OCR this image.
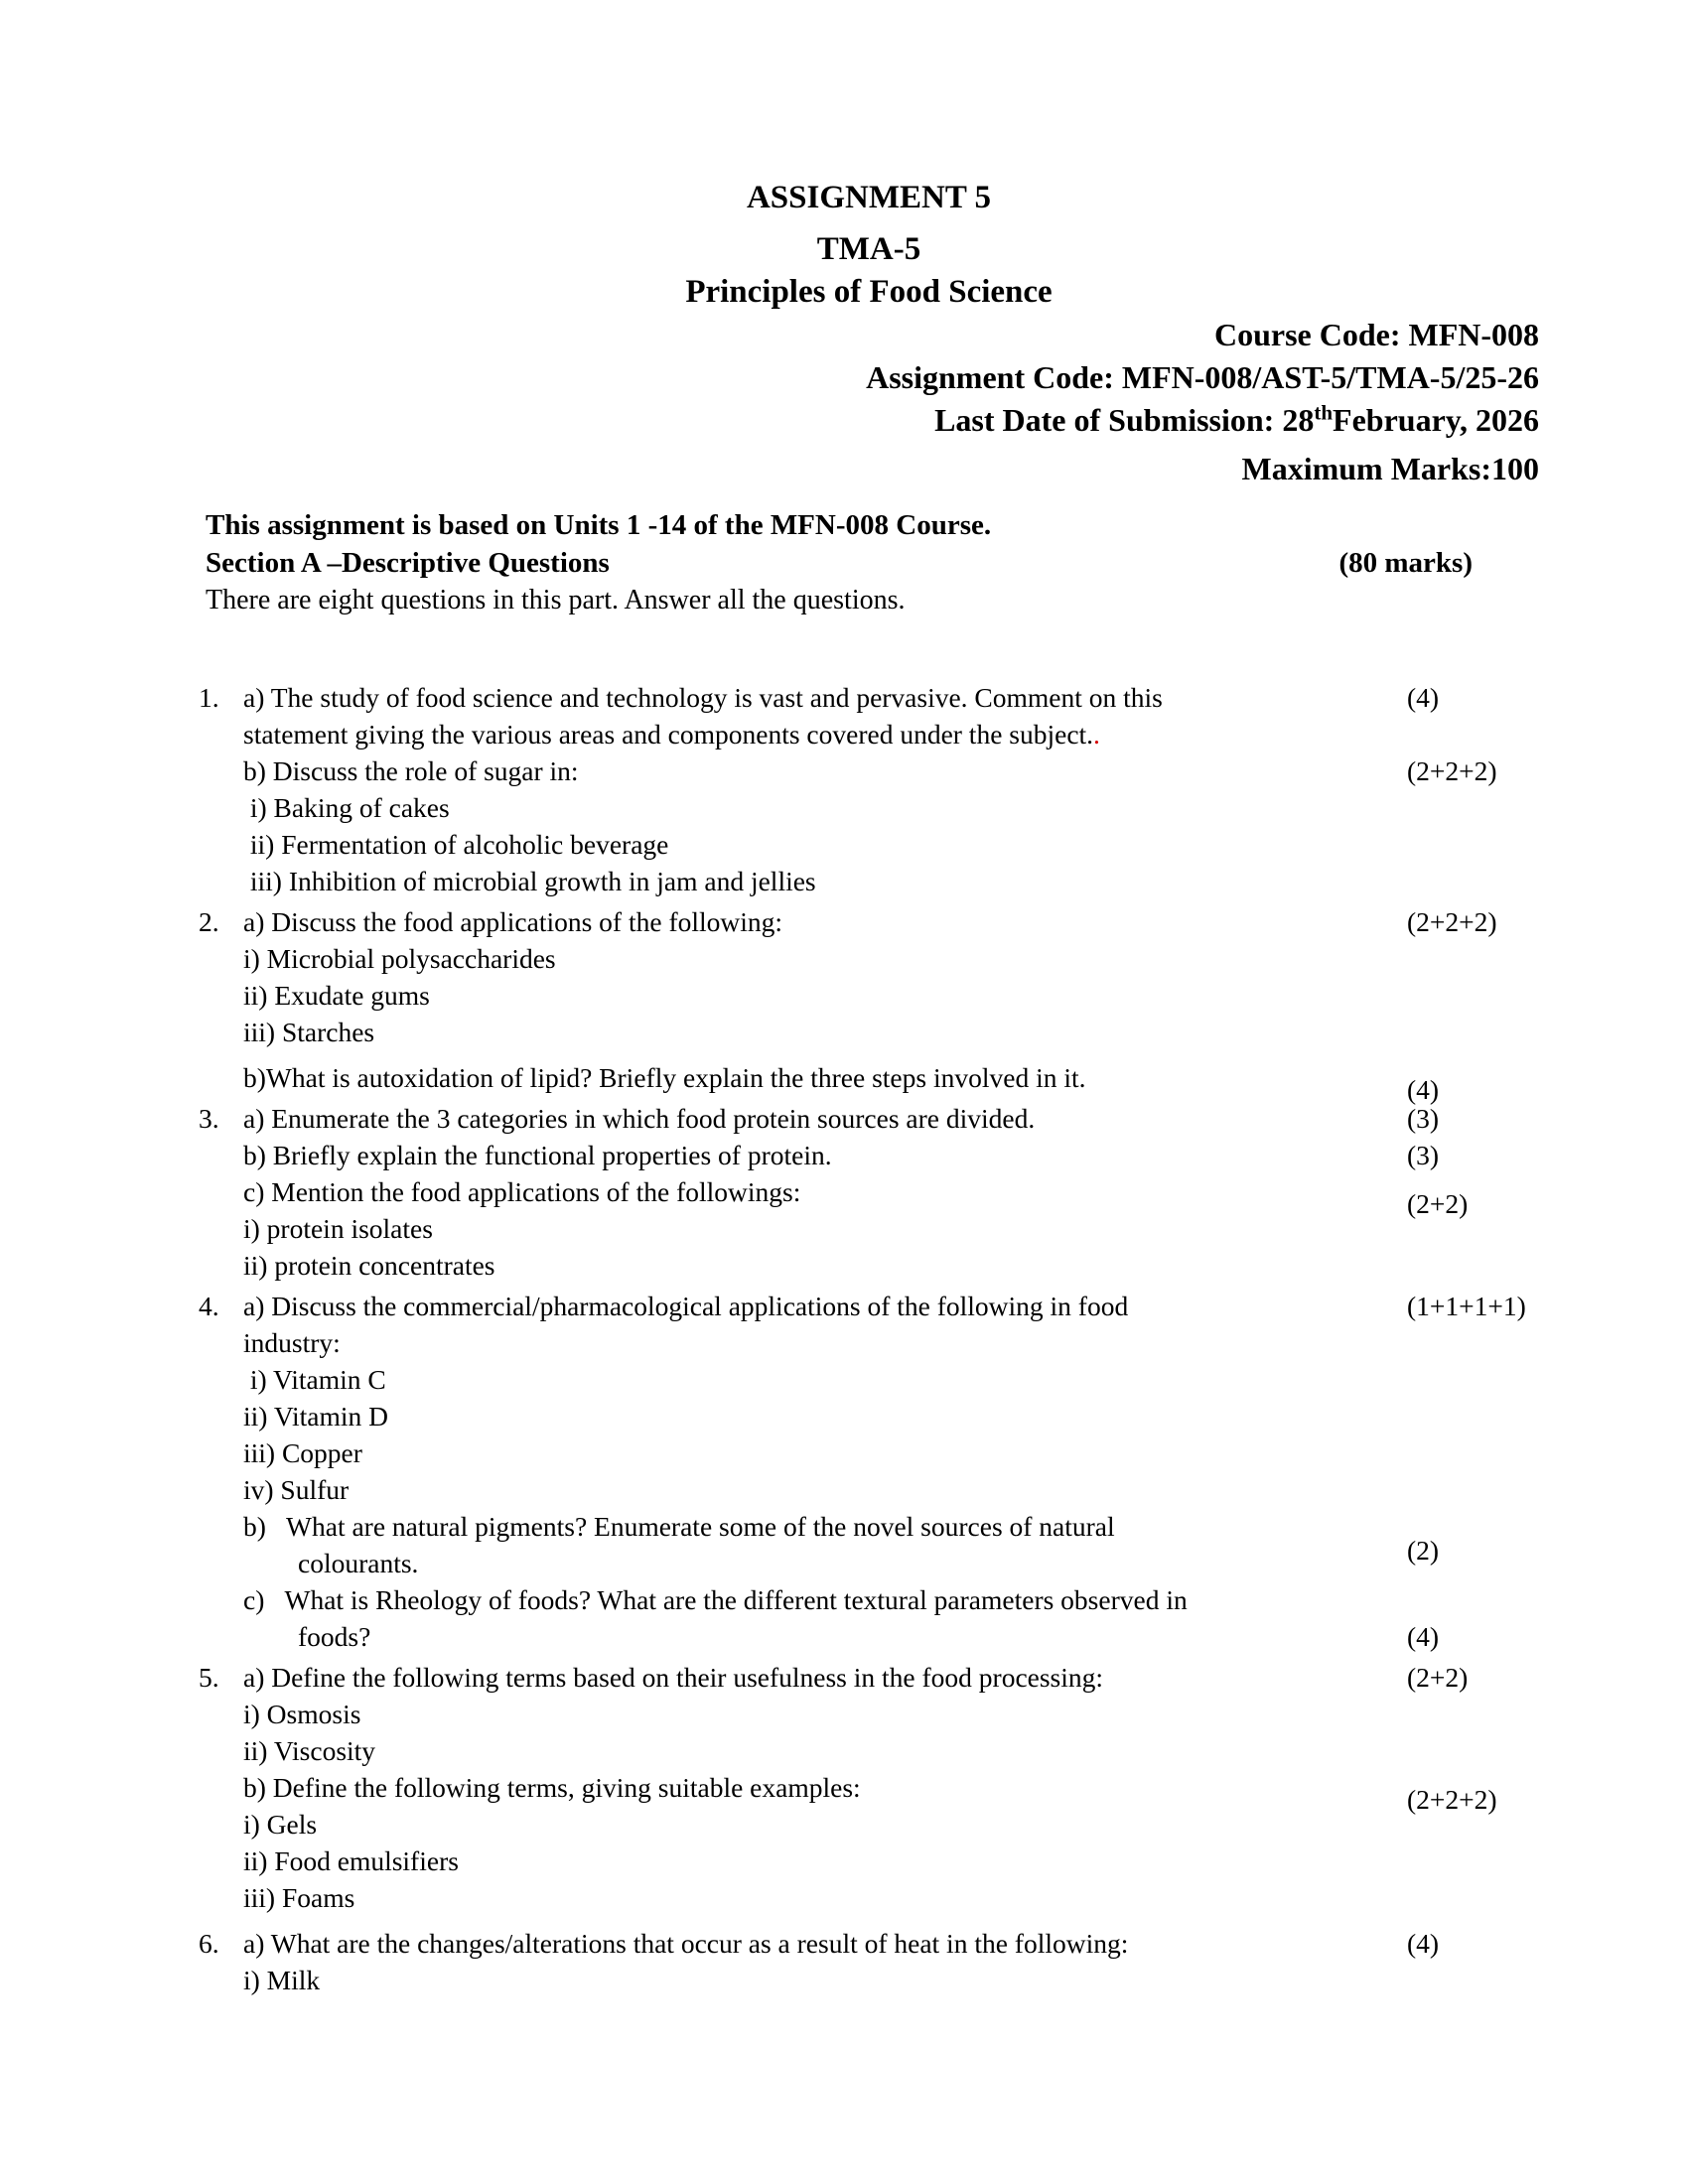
ASSIGNMENT 5
TMA-5
Principles of Food Science
Course Code: MFN-008
Assignment Code: MFN-008/AST-5/TMA-5/25-26
Last Date of Submission: 28thFebruary, 2026
Maximum Marks:100
This assignment is based on Units 1 -14 of the MFN-008 Course.
Section A –Descriptive Questions	(80 marks)
There are eight questions in this part. Answer all the questions.
1. a) The study of food science and technology is vast and pervasive. Comment on this	(4)
statement giving the various areas and components covered under the subject..
b) Discuss the role of sugar in:	(2+2+2)
i) Baking of cakes
ii) Fermentation of alcoholic beverage
iii) Inhibition of microbial growth in jam and jellies
2. a) Discuss the food applications of the following:	(2+2+2)
i) Microbial polysaccharides
ii) Exudate gums
iii) Starches
b)What is autoxidation of lipid? Briefly explain the three steps involved in it.	(4)
3. a) Enumerate the 3 categories in which food protein sources are divided.	(3)
b) Briefly explain the functional properties of protein.	(3)
c) Mention the food applications of the followings:	(2+2)
i) protein isolates
ii) protein concentrates
4. a) Discuss the commercial/pharmacological applications of the following in food	(1+1+1+1)
industry:
i) Vitamin C
ii) Vitamin D
iii) Copper
iv) Sulfur
b)   What are natural pigments? Enumerate some of the novel sources of natural
colourants.	(2)
c)   What is Rheology of foods? What are the different textural parameters observed in
foods?	(4)
5. a) Define the following terms based on their usefulness in the food processing:	(2+2)
i) Osmosis
ii) Viscosity
b) Define the following terms, giving suitable examples:	(2+2+2)
i) Gels
ii) Food emulsifiers
iii) Foams
6. a) What are the changes/alterations that occur as a result of heat in the following:	(4)
i) Milk
